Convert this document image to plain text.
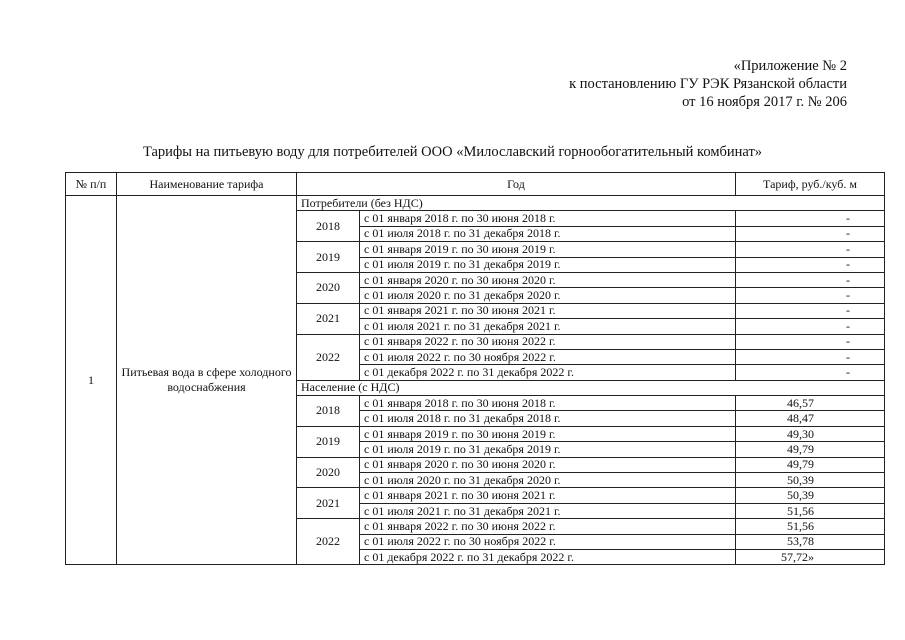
«Приложение № 2
к постановлению ГУ РЭК Рязанской области
от 16 ноября 2017 г. № 206
Тарифы на питьевую воду для потребителей ООО «Милославский горнообогатительный комбинат»
№ п/п	Наименование тарифа	Год		Тариф, руб./куб. м
1	Питьевая вода в сфере холодного водоснабжения	Потребители (без НДС)		
		2018	с 01 января 2018 г. по 30 июня 2018 г.	-
			с 01 июля 2018 г. по 31 декабря 2018 г.	-
		2019	с 01 января 2019 г. по 30 июня 2019 г.	-
			с 01 июля 2019 г. по 31 декабря 2019 г.	-
		2020	с 01 января 2020 г. по 30 июня 2020 г.	-
			с 01 июля 2020 г. по 31 декабря 2020 г.	-
		2021	с 01 января 2021 г. по 30 июня 2021 г.	-
			с 01 июля 2021 г. по 31 декабря 2021 г.	-
		2022	с 01 января 2022 г. по 30 июня 2022 г.	-
			с 01 июля 2022 г. по 30 ноября 2022 г.	-
			с 01 декабря 2022 г. по 31 декабря 2022 г.	-
		Население (с НДС)		
		2018	с 01 января 2018 г. по 30 июня 2018 г.	46,57
			с 01 июля 2018 г. по 31 декабря 2018 г.	48,47
		2019	с 01 января 2019 г. по 30 июня 2019 г.	49,30
			с 01 июля 2019 г. по 31 декабря 2019 г.	49,79
		2020	с 01 января 2020 г. по 30 июня 2020 г.	49,79
			с 01 июля 2020 г. по 31 декабря 2020 г.	50,39
		2021	с 01 января 2021 г. по 30 июня 2021 г.	50,39
			с 01 июля 2021 г. по 31 декабря 2021 г.	51,56
		2022	с 01 января 2022 г. по 30 июня 2022 г.	51,56
			с 01 июля 2022 г. по 30 ноября 2022 г.	53,78
			с 01 декабря 2022 г. по 31 декабря 2022 г.	57,72»
